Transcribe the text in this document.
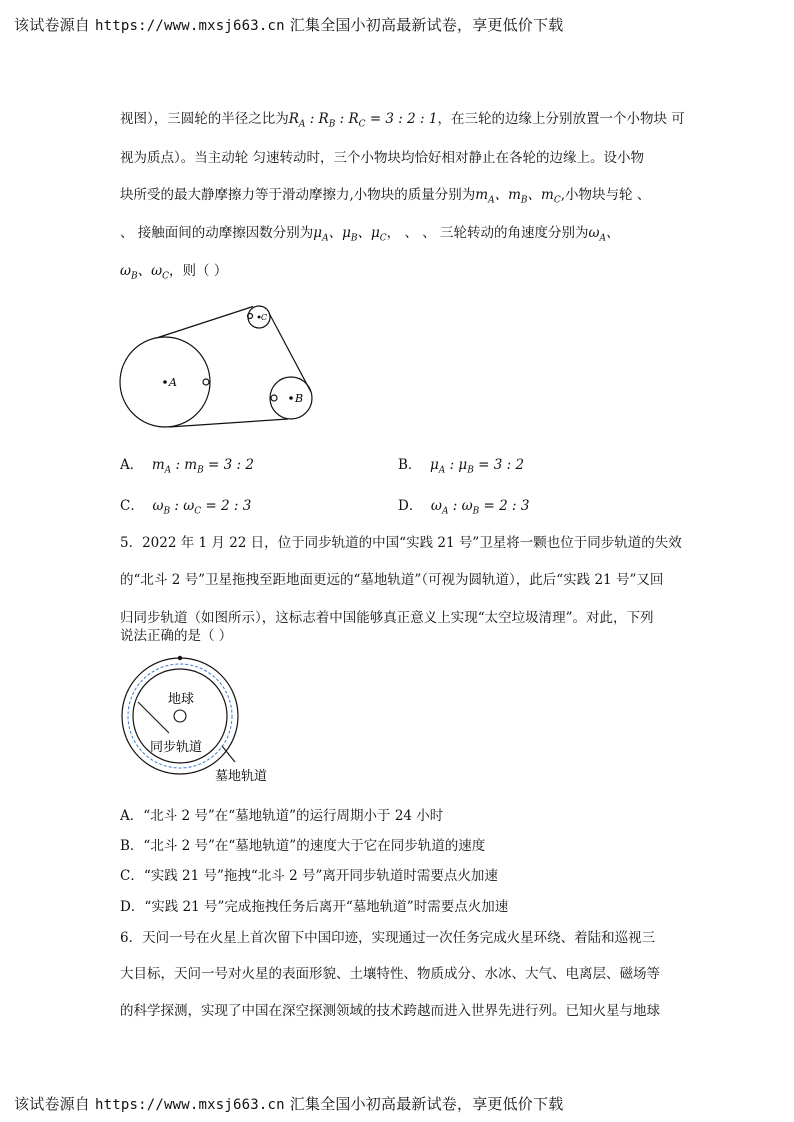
该试卷源自 https://www.mxsj663.cn 汇集全国小初高最新试卷，享更低价下载
视图），三圆轮的半径之比为$R_A$ : $R_B$ : $R_C = 3$ : 2 : 1，在三轮的边缘上分别放置一个小物块 可
视为质点）。当主动轮 匀速转动时，三个小物块均恰好相对静止在各轮的边缘上。设小物
块所受的最大静摩擦力等于滑动摩擦力,小物块的质量分别为$m_A$、$m_B$、$m_C$,小物块与轮 、
、 接触面间的动摩擦因数分别为$\mu_A$、$\mu_B$、$\mu_C$， 、 、 三轮转动的角速度分别为$\omega_A$、
$\omega_B$、$\omega_C$，则（ ）
A
B
C
A． $m_A$ : $m_B = 3$ : 2	B． $\mu_A$ : $\mu_B = 3$ : 2
C． $\omega_B$ : $\omega_C = 2$ : 3	D． $\omega_A$ : $\omega_B = 2$ : 3
5．2022 年 1 月 22 日，位于同步轨道的中国“实践 21 号”卫星将一颗也位于同步轨道的失效
的“北斗 2 号”卫星拖拽至距地面更远的“墓地轨道”（可视为圆轨道），此后“实践 21 号”又回
归同步轨道（如图所示），这标志着中国能够真正意义上实现“太空垃圾清理”。对此，下列
说法正确的是（ ）
地球
同步轨道
墓地轨道
A．“北斗 2 号”在“墓地轨道”的运行周期小于 24 小时
B．“北斗 2 号”在“墓地轨道”的速度大于它在同步轨道的速度
C．“实践 21 号”拖拽“北斗 2 号”离开同步轨道时需要点火加速
D．“实践 21 号”完成拖拽任务后离开“墓地轨道”时需要点火加速
6．天问一号在火星上首次留下中国印迹，实现通过一次任务完成火星环绕、着陆和巡视三
大目标，天问一号对火星的表面形貌、土壤特性、物质成分、水冰、大气、电离层、磁场等
的科学探测，实现了中国在深空探测领域的技术跨越而进入世界先进行列。已知火星与地球
该试卷源自 https://www.mxsj663.cn 汇集全国小初高最新试卷，享更低价下载
